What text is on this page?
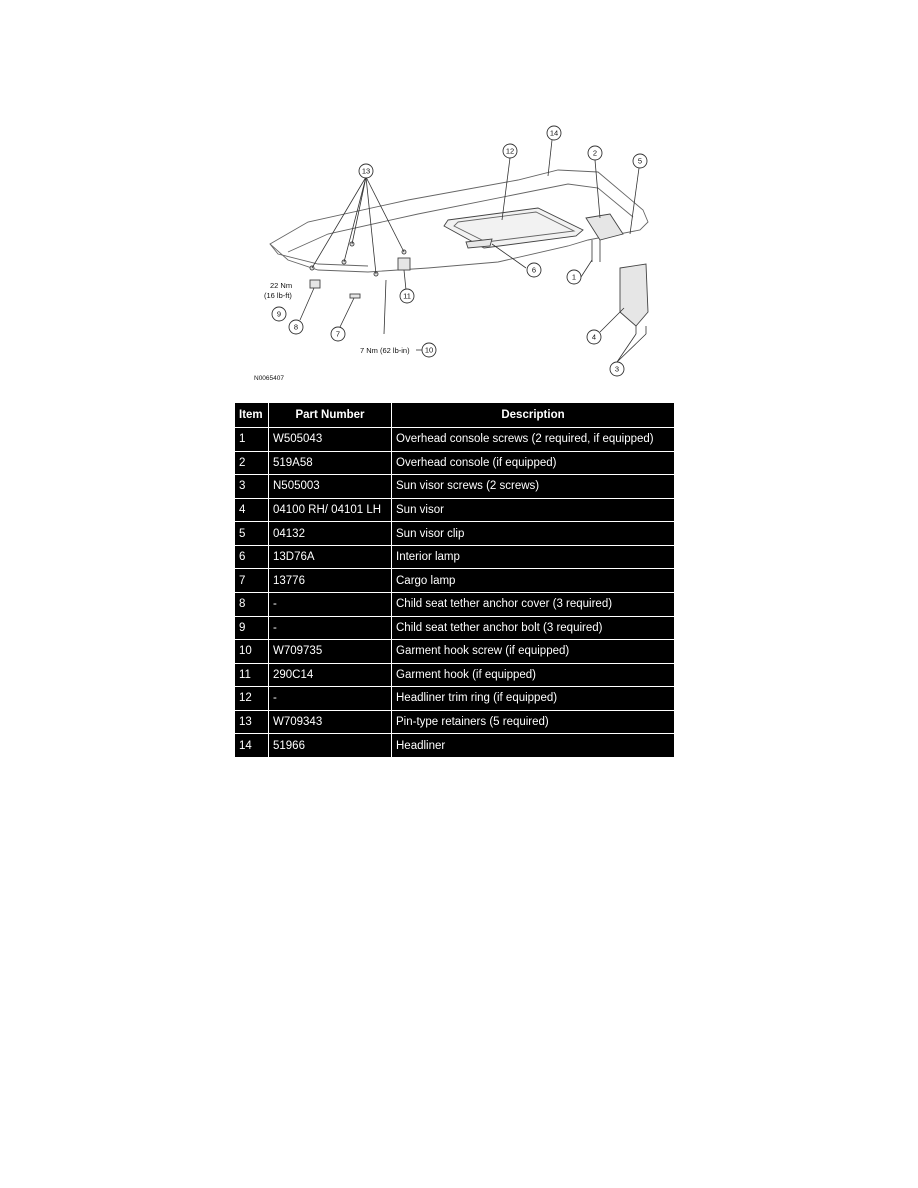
1
2
3
4
5
6
7
8
9
10
11
12
13
14
22 Nm
(16 lb-ft)
7 Nm (62 lb-in)
N0065407
Item	Part Number	Description
1	W505043	Overhead console screws (2 required, if equipped)
2	519A58	Overhead console (if equipped)
3	N505003	Sun visor screws (2 screws)
4	04100 RH/ 04101 LH	Sun visor
5	04132	Sun visor clip
6	13D76A	Interior lamp
7	13776	Cargo lamp
8	-	Child seat tether anchor cover (3 required)
9	-	Child seat tether anchor bolt (3 required)
10	W709735	Garment hook screw (if equipped)
11	290C14	Garment hook (if equipped)
12	-	Headliner trim ring (if equipped)
13	W709343	Pin-type retainers (5 required)
14	51966	Headliner
